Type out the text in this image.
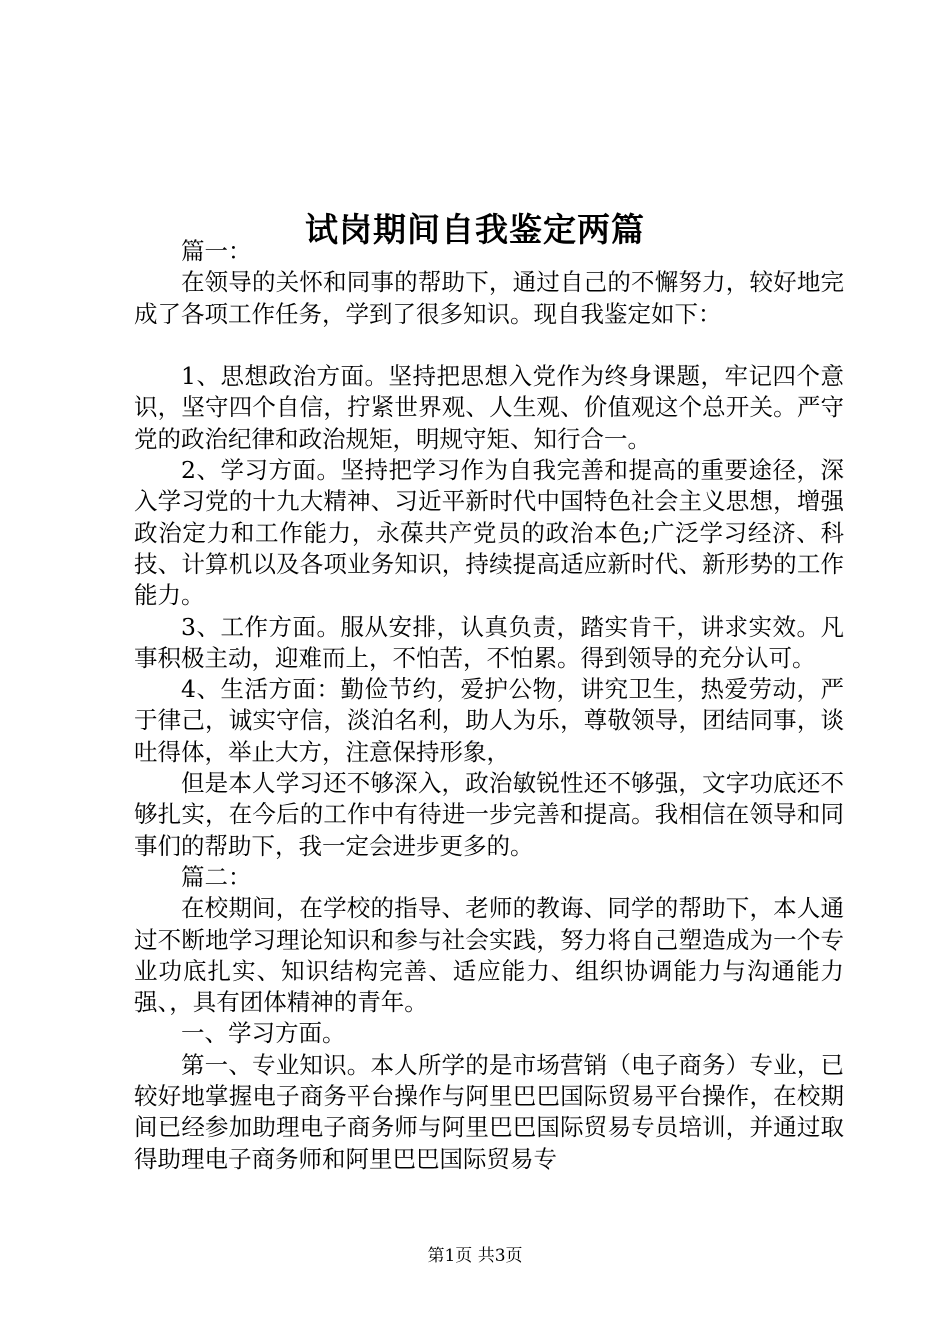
试岗期间自我鉴定两篇

篇一：

在领导的关怀和同事的帮助下，通过自己的不懈努力，较好地完成了各项工作任务，学到了很多知识。现自我鉴定如下：

1、思想政治方面。坚持把思想入党作为终身课题，牢记四个意识，坚守四个自信，拧紧世界观、人生观、价值观这个总开关。严守党的政治纪律和政治规矩，明规守矩、知行合一。

2、学习方面。坚持把学习作为自我完善和提高的重要途径，深入学习党的十九大精神、习近平新时代中国特色社会主义思想，增强政治定力和工作能力，永葆共产党员的政治本色;广泛学习经济、科技、计算机以及各项业务知识，持续提高适应新时代、新形势的工作能力。

3、工作方面。服从安排，认真负责，踏实肯干，讲求实效。凡事积极主动，迎难而上，不怕苦，不怕累。得到领导的充分认可。

4、生活方面：勤俭节约，爱护公物，讲究卫生，热爱劳动，严于律己，诚实守信，淡泊名利，助人为乐，尊敬领导，团结同事，谈吐得体，举止大方，注意保持形象，

但是本人学习还不够深入，政治敏锐性还不够强，文字功底还不够扎实，在今后的工作中有待进一步完善和提高。我相信在领导和同事们的帮助下，我一定会进步更多的。

篇二：

在校期间，在学校的指导、老师的教诲、同学的帮助下，本人通过不断地学习理论知识和参与社会实践，努力将自己塑造成为一个专业功底扎实、知识结构完善、适应能力、组织协调能力与沟通能力强、，具有团体精神的青年。

一、学习方面。

第一、专业知识。本人所学的是市场营销（电子商务）专业，已较好地掌握电子商务平台操作与阿里巴巴国际贸易平台操作，在校期间已经参加助理电子商务师与阿里巴巴国际贸易专员培训，并通过取得助理电子商务师和阿里巴巴国际贸易专

第1页 共3页
